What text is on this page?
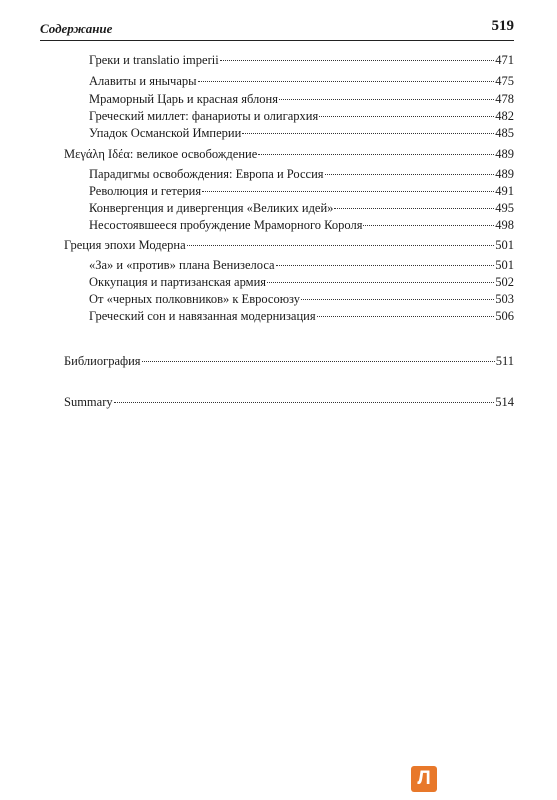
Содержание	519
Греки и translatio imperii	471
Алавиты и янычары	475
Мраморный Царь и красная яблоня	478
Греческий миллет: фанариоты и олигархия	482
Упадок Османской Империи	485
Μεγάλη Ιδέα: великое освобождение	489
Парадигмы освобождения: Европа и Россия	489
Революция и гетерия	491
Конвергенция и дивергенция «Великих идей»	495
Несостоявшееся пробуждение Мраморного Короля	498
Греция эпохи Модерна	501
«За» и «против» плана Венизелоса	501
Оккупация и партизанская армия	502
От «черных полковников» к Евросоюзу	503
Греческий сон и навязанная модернизация	506
Библиография	511
Summary	514
Л
